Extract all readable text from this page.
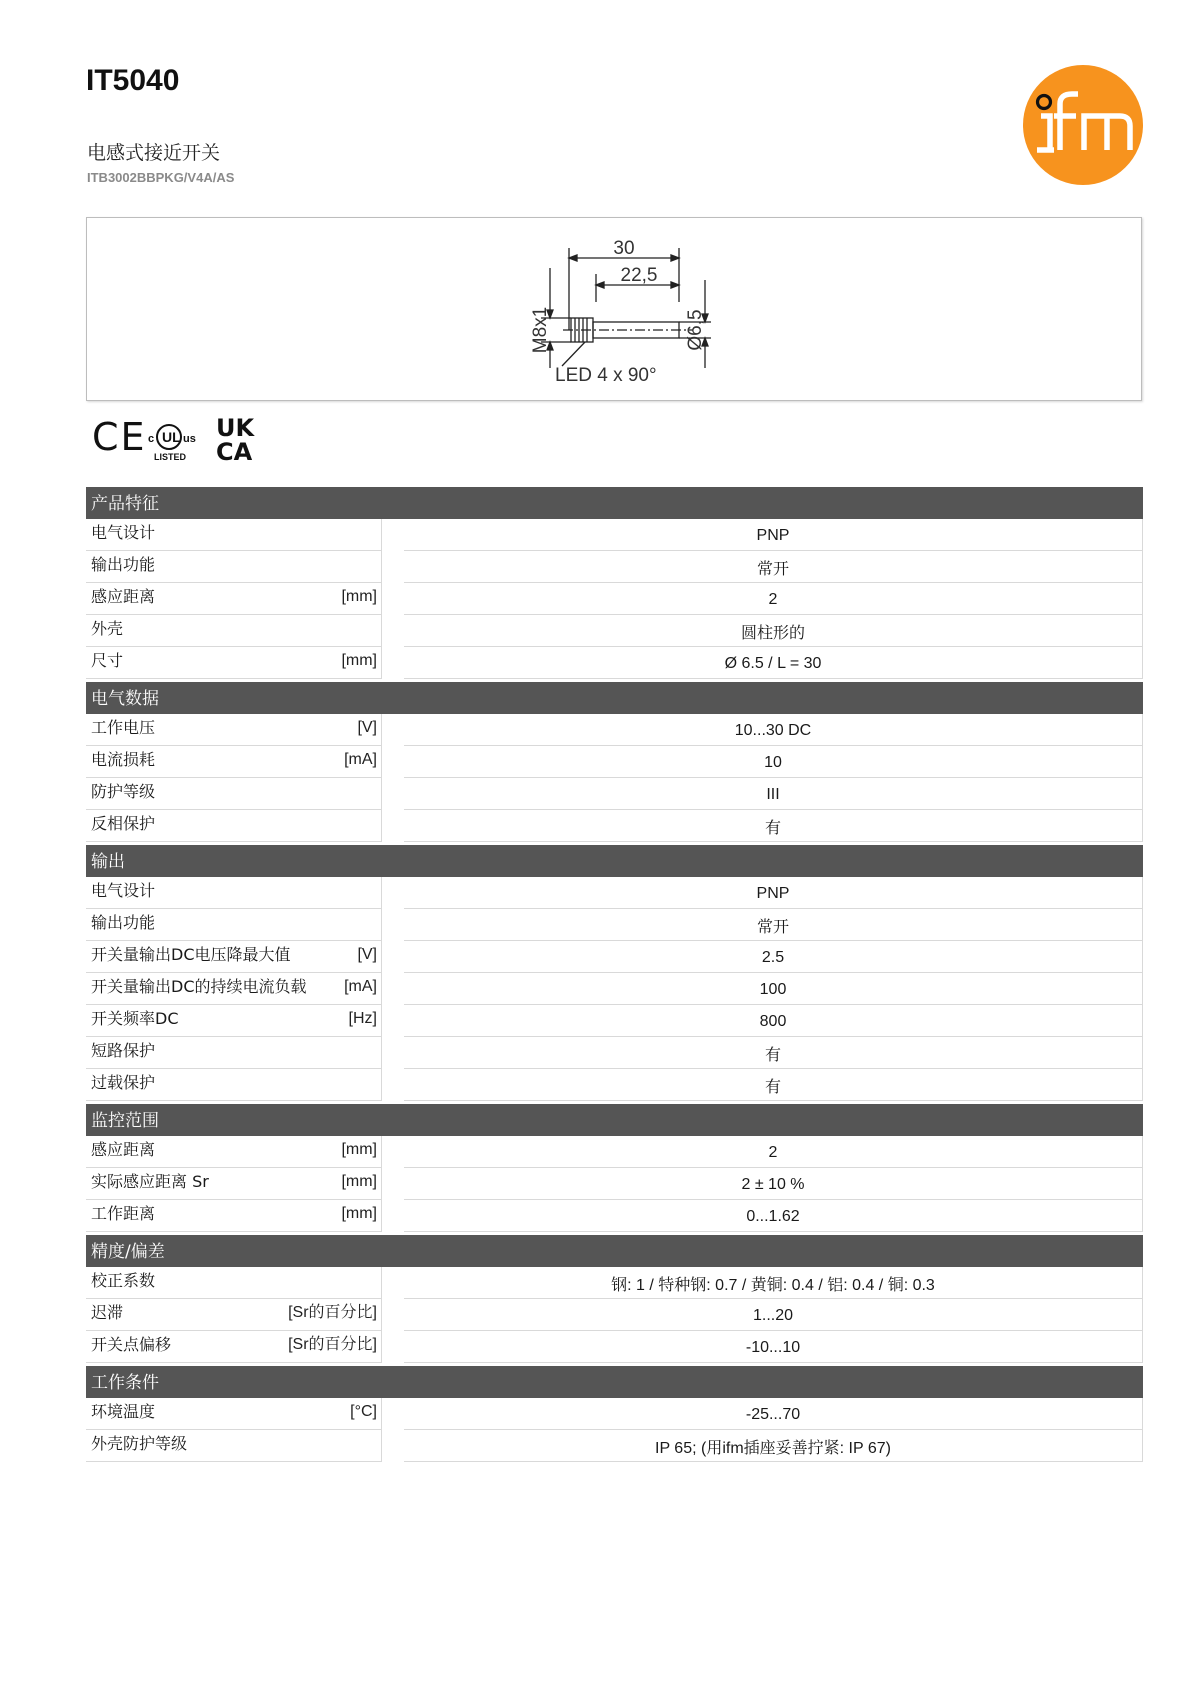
IT5040
电感式接近开关
ITB3002BBPKG/V4A/AS
30
22,5
M8x1	Ø6,5
LED 4 x 90°
CE c UL us
LISTED
UK
CA
产品特征
电气设计	PNP
输出功能	常开
感应距离	[mm]	2
外壳	圆柱形的
尺寸	[mm]	Ø 6.5 / L = 30
电气数据
工作电压	[V]	10...30 DC
电流损耗	[mA]	10
防护等级	III
反相保护	有
输出
电气设计	PNP
输出功能	常开
开关量输出DC电压降最大值	[V]	2.5
开关量输出DC的持续电流负载 [mA]	100
开关频率DC	[Hz]	800
短路保护	有
过载保护	有
监控范围
感应距离	[mm]	2
实际感应距离 Sr	[mm]	2 ± 10 %
工作距离	[mm]	0...1.62
精度/偏差
校正系数	钢: 1 / 特种钢: 0.7 / 黄铜: 0.4 / 铝: 0.4 / 铜: 0.3
迟滞	[Sr的百分比]	1...20
开关点偏移	[Sr的百分比]	-10...10
工作条件
环境温度	[°C]	-25...70
外壳防护等级	IP 65; (用ifm插座妥善拧紧: IP 67)
